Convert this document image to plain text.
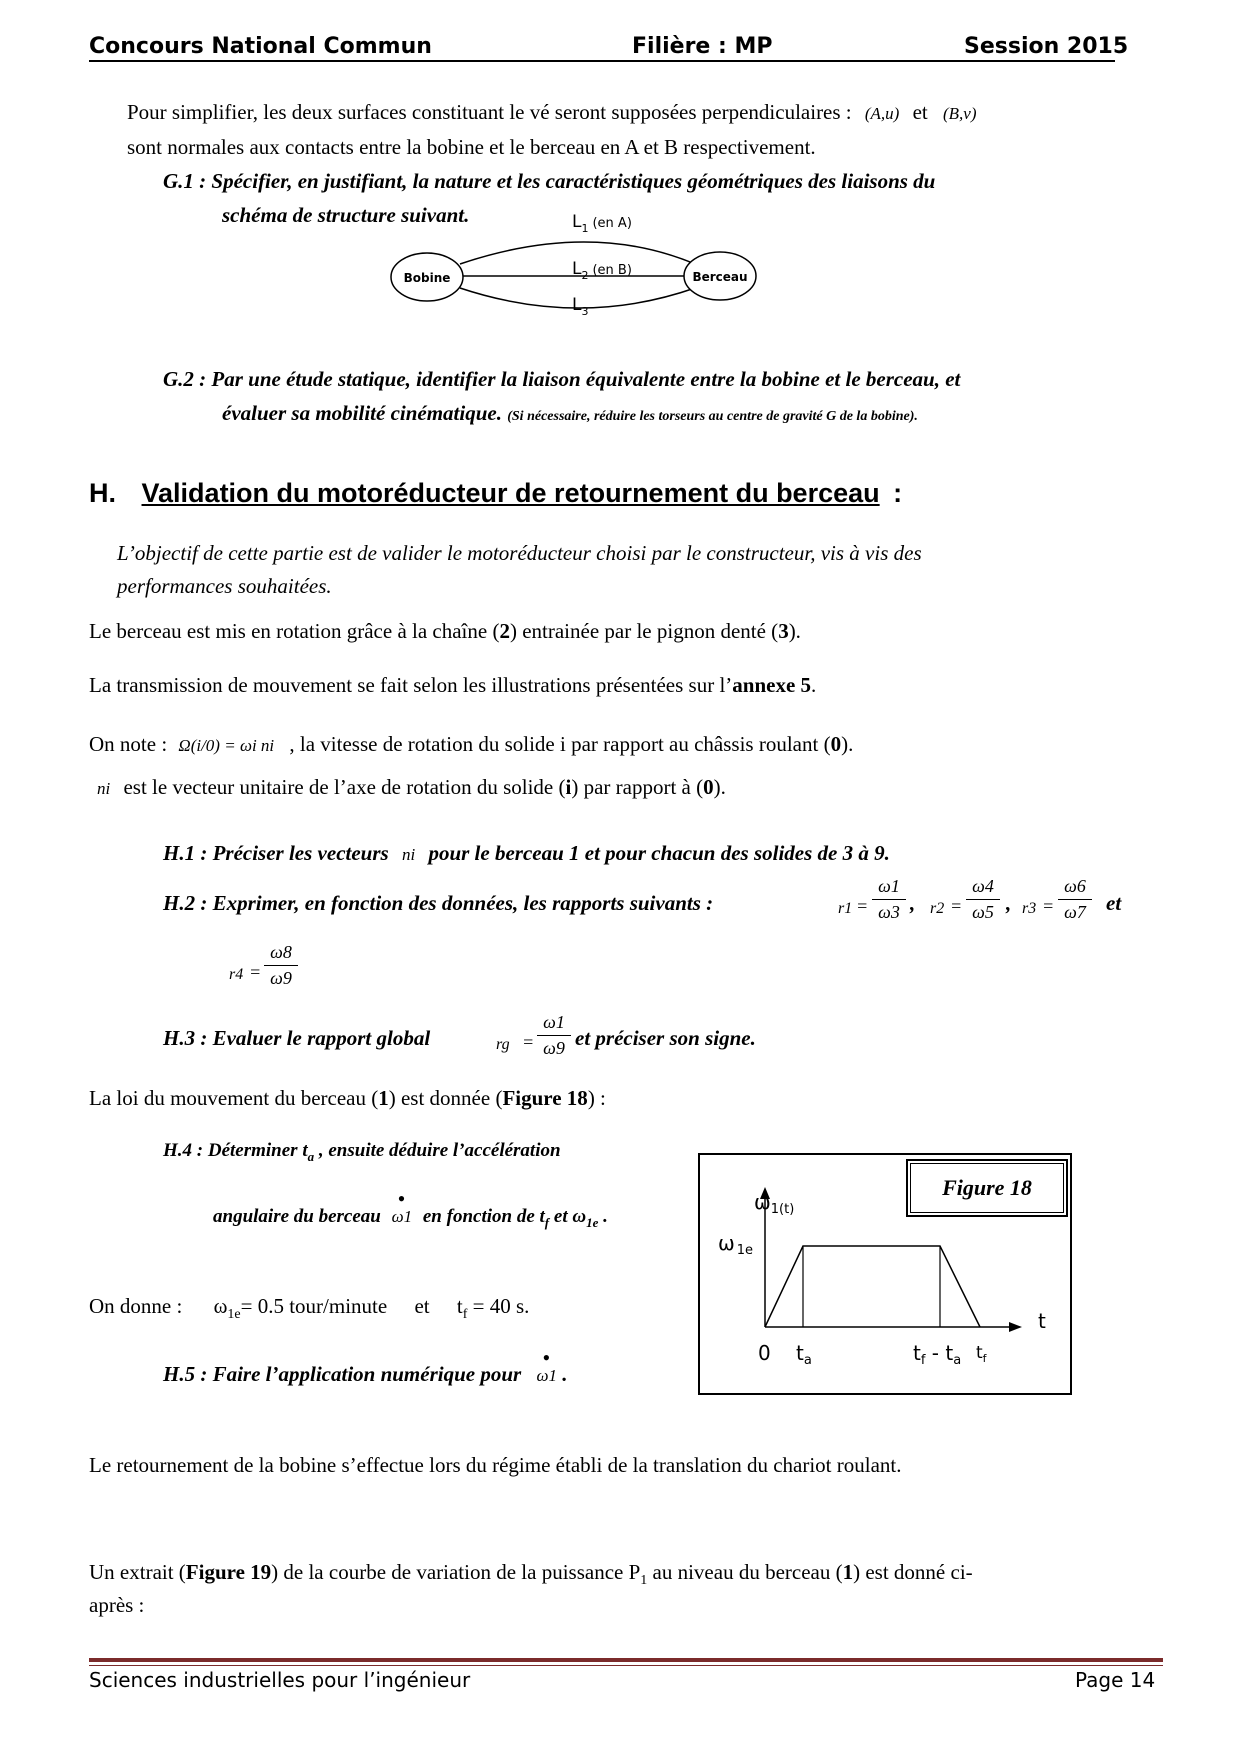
Concours National Commun	Filière : MP	Session 2015
Pour simplifier, les deux surfaces constituant le vé seront supposées perpendiculaires : (A,u) et (B,v)
sont normales aux contacts entre la bobine et le berceau en A et B respectivement.
G.1 : Spécifier, en justifiant, la nature et les caractéristiques géométriques des liaisons du
schéma de structure suivant.
Bobine	Berceau
$L_1$ $^{(en A)}$
$L_2$ $^{(en B)}$
$L_3$
G.2 : Par une étude statique, identifier la liaison équivalente entre la bobine et le berceau, et
évaluer sa mobilité cinématique. (Si nécessaire, réduire les torseurs au centre de gravité G de la bobine).
H. Validation du motoréducteur de retournement du berceau :
L’objectif de cette partie est de valider le motoréducteur choisi par le constructeur, vis à vis des
performances souhaitées.
Le berceau est mis en rotation grâce à la chaîne (2) entrainée par le pignon denté (3).
La transmission de mouvement se fait selon les illustrations présentées sur l’annexe 5.
On note : Ω(i/0) = ωi ni , la vitesse de rotation du solide i par rapport au châssis roulant (0).
ni est le vecteur unitaire de l’axe de rotation du solide (i) par rapport à (0).
H.1 : Préciser les vecteurs ni pour le berceau 1 et pour chacun des solides de 3 à 9.
H.2 : Exprimer, en fonction des données, les rapports suivants :	r1 =
ω1
ω3 , r2 =
ω4
ω5 , r3 =
ω6
ω7 et
r4 =
ω8
ω9
H.3 : Evaluer le rapport global	rg =
ω1
ω9 et préciser son signe.
La loi du mouvement du berceau (1) est donnée (Figure 18) :
H.4 : Déterminer $t_a$ , ensuite déduire l’accélération
angulaire du berceau
•
ω1 en fonction de $t_f$ et $\omega_{1e}$ .
On donne : $\omega_{1e}= 0.5$ tour/minute et $t_f = 40$ s.
H.5 : Faire l’application numérique pour
•
ω1 .
Figure 18
$\omega_{1(t)}$
ω $_{1e}$
t
0 $t_a$	$t_f - t_a$ $t_f$
Le retournement de la bobine s’effectue lors du régime établi de la translation du chariot roulant.
Un extrait (Figure 19) de la courbe de variation de la puissance $P_1$ au niveau du berceau (1) est donné ci-
après :
Sciences industrielles pour l’ingénieur	Page 14
